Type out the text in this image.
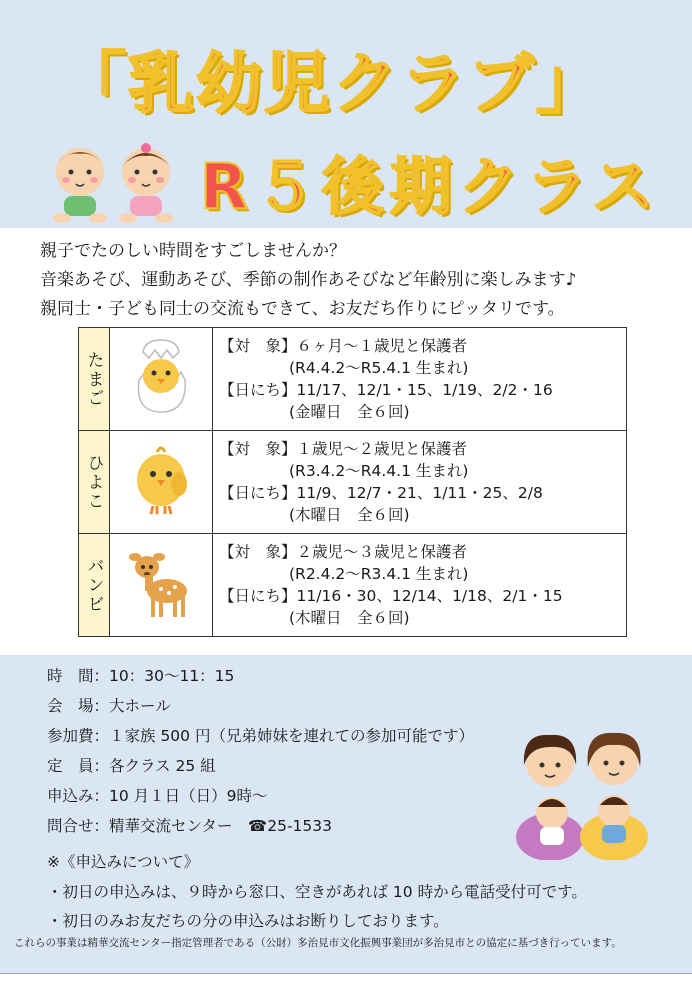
「乳幼児クラブ」
R５後期クラス
親子でたのしい時間をすごしませんか？
音楽あそび、運動あそび、季節の制作あそびなど年齢別に楽しみます♪
親同士・子ども同士の交流もできて、お友だち作りにピッタリです。
たまご		【対　象】６ヶ月〜１歳児と保護者
(R4.4.2〜R5.4.1 生まれ)
【日にち】11/17、12/1・15、1/19、2/2・16
(金曜日　全６回)

ひよこ		【対　象】１歳児〜２歳児と保護者
(R3.4.2〜R4.4.1 生まれ)
【日にち】11/9、12/7・21、1/11・25、2/8
(木曜日　全６回)

バンビ		【対　象】２歳児〜３歳児と保護者
(R2.4.2〜R3.4.1 生まれ)
【日にち】11/16・30、12/14、1/18、2/1・15
(木曜日　全６回)
時　間：10：30〜11：15
会　場：大ホール
参加費：１家族 500 円（兄弟姉妹を連れての参加可能です）
定　員：各クラス 25 組
申込み：10 月１日（日）9時〜
問合せ：精華交流センター　☎25-1533
※《申込みについて》
・初日の申込みは、９時から窓口、空きがあれば 10 時から電話受付可です。
・初日のみお友だちの分の申込みはお断りしております。
これらの事業は精華交流センター指定管理者である（公財）多治見市文化振興事業団が多治見市との協定に基づき行っています。
